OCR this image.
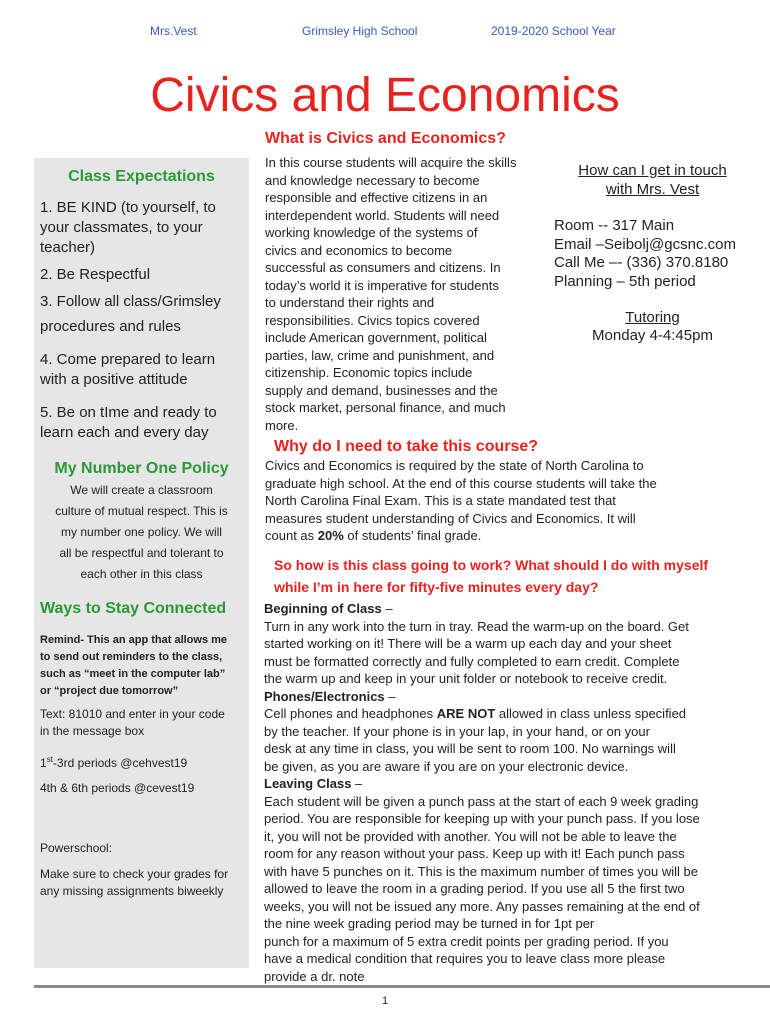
Mrs.Vest	Grimsley High School	2019-2020 School Year
Civics and Economics
What is Civics and Economics?
Class Expectations
1. BE KIND (to yourself, to
your classmates, to your
teacher)
2. Be Respectful
3. Follow all class/Grimsley
procedures and rules
4. Come prepared to learn
with a positive attitude
5. Be on tIme and ready to
learn each and every day
My Number One Policy
We will create a classroom
culture of mutual respect. This is
my number one policy. We will
all be respectful and tolerant to
each other in this class
Ways to Stay Connected
Remind- This an app that allows me
to send out reminders to the class,
such as “meet in the computer lab”
or “project due tomorrow”
Text: 81010 and enter in your code
in the message box
1st-3rd periods @cehvest19
4th & 6th periods @cevest19
Powerschool:
Make sure to check your grades for
any missing assignments biweekly
In this course students will acquire the skills
and knowledge necessary to become
responsible and effective citizens in an
interdependent world. Students will need
working knowledge of the systems of
civics and economics to become
successful as consumers and citizens. In
today’s world it is imperative for students
to understand their rights and
responsibilities. Civics topics covered
include American government, political
parties, law, crime and punishment, and
citizenship. Economic topics include
supply and demand, businesses and the
stock market, personal finance, and much
more.
How can I get in touch
with Mrs. Vest
Room -- 317 Main
Email –Seibolj@gcsnc.com
Call Me –- (336) 370.8180
Planning – 5th period
Tutoring
Monday 4-4:45pm
Why do I need to take this course?
Civics and Economics is required by the state of North Carolina to
graduate high school. At the end of this course students will take the
North Carolina Final Exam. This is a state mandated test that
measures student understanding of Civics and Economics. It will
count as 20% of students’ final grade.
So how is this class going to work? What should I do with myself
while I’m in here for fifty-five minutes every day?
Beginning of Class –
Turn in any work into the turn in tray. Read the warm-up on the board. Get
started working on it! There will be a warm up each day and your sheet
must be formatted correctly and fully completed to earn credit. Complete
the warm up and keep in your unit folder or notebook to receive credit.
Phones/Electronics –
Cell phones and headphones ARE NOT allowed in class unless specified
by the teacher. If your phone is in your lap, in your hand, or on your
desk at any time in class, you will be sent to room 100. No warnings will
be given, as you are aware if you are on your electronic device.
Leaving Class –
Each student will be given a punch pass at the start of each 9 week grading
period. You are responsible for keeping up with your punch pass. If you lose
it, you will not be provided with another. You will not be able to leave the
room for any reason without your pass. Keep up with it! Each punch pass
with have 5 punches on it. This is the maximum number of times you will be
allowed to leave the room in a grading period. If you use all 5 the first two
weeks, you will not be issued any more. Any passes remaining at the end of
the nine week grading period may be turned in for 1pt per
punch for a maximum of 5 extra credit points per grading period. If you
have a medical condition that requires you to leave class more please
provide a dr. note
1
